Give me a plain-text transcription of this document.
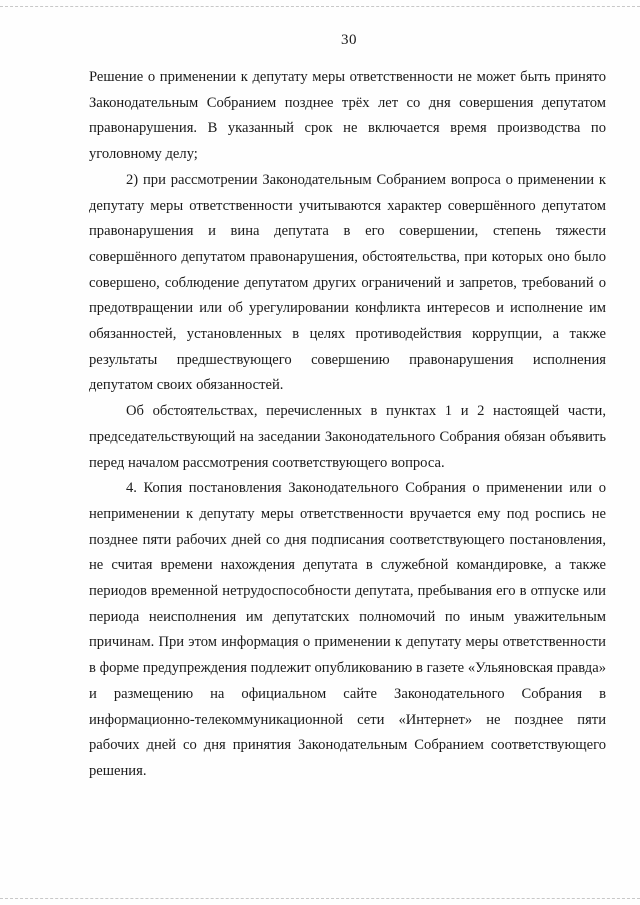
30

Решение о применении к депутату меры ответственности не может быть принято Законодательным Собранием позднее трёх лет со дня совершения депутатом правонарушения. В указанный срок не включается время производства по уголовному делу;

2) при рассмотрении Законодательным Собранием вопроса о применении к депутату меры ответственности учитываются характер совершённого депутатом правонарушения и вина депутата в его совершении, степень тяжести совершённого депутатом правонарушения, обстоятельства, при которых оно было совершено, соблюдение депутатом других ограничений и запретов, требований о предотвращении или об урегулировании конфликта интересов и исполнение им обязанностей, установленных в целях противодействия коррупции, а также результаты предшествующего совершению правонарушения исполнения депутатом своих обязанностей.

Об обстоятельствах, перечисленных в пунктах 1 и 2 настоящей части, председательствующий на заседании Законодательного Собрания обязан объявить перед началом рассмотрения соответствующего вопроса.

4. Копия постановления Законодательного Собрания о применении или о неприменении к депутату меры ответственности вручается ему под роспись не позднее пяти рабочих дней со дня подписания соответствующего постановления, не считая времени нахождения депутата в служебной командировке, а также периодов временной нетрудоспособности депутата, пребывания его в отпуске или периода неисполнения им депутатских полномочий по иным уважительным причинам. При этом информация о применении к депутату меры ответственности в форме предупреждения подлежит опубликованию в газете «Ульяновская правда» и размещению на официальном сайте Законодательного Собрания в информационно-телекоммуникационной сети «Интернет» не позднее пяти рабочих дней со дня принятия Законодательным Собранием соответствующего решения.
